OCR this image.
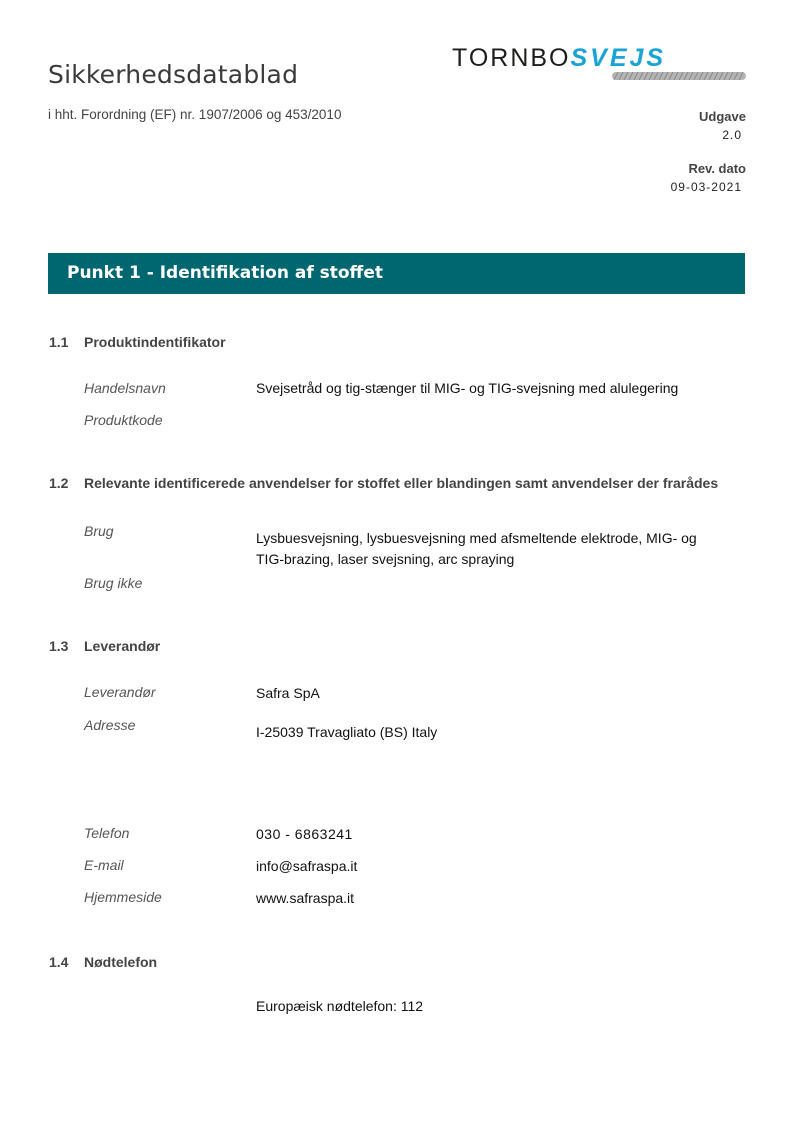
Sikkerhedsdatablad
i hht. Forordning (EF) nr. 1907/2006 og 453/2010
TORNBOSVEJS
Udgave
2.0
Rev. dato
09-03-2021
Punkt 1 - Identifikation af stoffet
1.1 Produktindentifikator
Handelsnavn	Svejsetråd og tig-stænger til MIG- og TIG-svejsning med alulegering
Produktkode
1.2 Relevante identificerede anvendelser for stoffet eller blandingen samt anvendelser der frarådes
Brug	Lysbuesvejsning, lysbuesvejsning med afsmeltende elektrode, MIG- og
TIG-brazing, laser svejsning, arc spraying
Brug ikke
1.3 Leverandør
Leverandør	Safra SpA
Adresse	I-25039 Travagliato (BS) Italy
Telefon	030 - 6863241
E-mail	info@safraspa.it
Hjemmeside	www.safraspa.it
1.4 Nødtelefon
Europæisk nødtelefon: 112
